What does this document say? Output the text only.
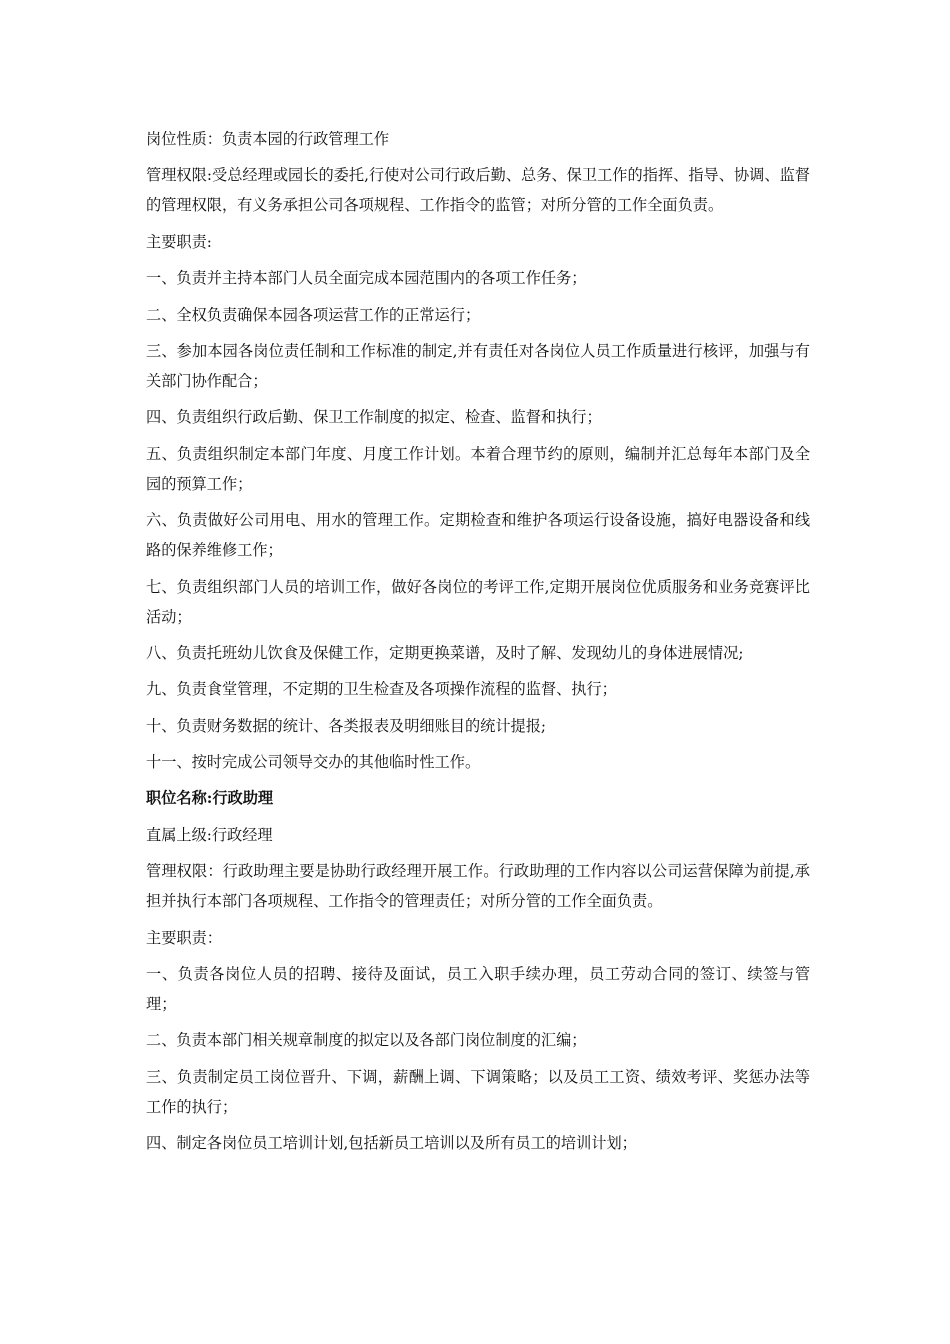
岗位性质：负责本园的行政管理工作

管理权限:受总经理或园长的委托,行使对公司行政后勤、总务、保卫工作的指挥、指导、协调、监督的管理权限，有义务承担公司各项规程、工作指令的监管；对所分管的工作全面负责。

主要职责:

一、负责并主持本部门人员全面完成本园范围内的各项工作任务；

二、全权负责确保本园各项运营工作的正常运行；

三、参加本园各岗位责任制和工作标准的制定,并有责任对各岗位人员工作质量进行核评，加强与有关部门协作配合；

四、负责组织行政后勤、保卫工作制度的拟定、检查、监督和执行；

五、负责组织制定本部门年度、月度工作计划。本着合理节约的原则，编制并汇总每年本部门及全园的预算工作；

六、负责做好公司用电、用水的管理工作。定期检查和维护各项运行设备设施，搞好电器设备和线路的保养维修工作；

七、负责组织部门人员的培训工作，做好各岗位的考评工作,定期开展岗位优质服务和业务竞赛评比活动；

八、负责托班幼儿饮食及保健工作，定期更换菜谱，及时了解、发现幼儿的身体进展情况;

九、负责食堂管理，不定期的卫生检查及各项操作流程的监督、执行；

十、负责财务数据的统计、各类报表及明细账目的统计提报;

十一、按时完成公司领导交办的其他临时性工作。

职位名称:行政助理

直属上级:行政经理

管理权限：行政助理主要是协助行政经理开展工作。行政助理的工作内容以公司运营保障为前提,承担并执行本部门各项规程、工作指令的管理责任；对所分管的工作全面负责。

主要职责：

一、负责各岗位人员的招聘、接待及面试，员工入职手续办理，员工劳动合同的签订、续签与管理；

二、负责本部门相关规章制度的拟定以及各部门岗位制度的汇编；

三、负责制定员工岗位晋升、下调，薪酬上调、下调策略；以及员工工资、绩效考评、奖惩办法等工作的执行；

四、制定各岗位员工培训计划,包括新员工培训以及所有员工的培训计划；
